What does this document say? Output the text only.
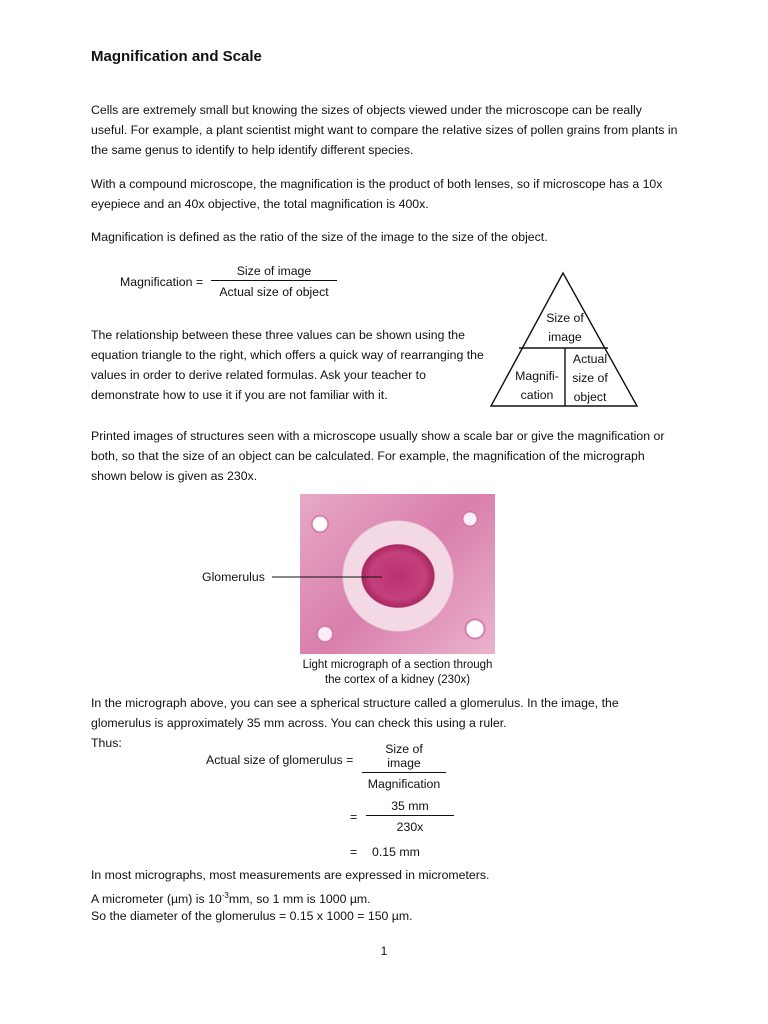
Magnification and Scale
Cells are extremely small but knowing the sizes of objects viewed under the microscope can be really useful. For example, a plant scientist might want to compare the relative sizes of pollen grains from plants in the same genus to identify to help identify different species.
With a compound microscope, the magnification is the product of both lenses, so if microscope has a 10x eyepiece and an 40x objective, the total magnification is 400x.
Magnification is defined as the ratio of the size of the image to the size of the object.
Magnification =
Size of image
Actual size of object
The relationship between these three values can be shown using the equation triangle to the right, which offers a quick way of rearranging the values in order to derive related formulas. Ask your teacher to demonstrate how to use it if you are not familiar with it.
Size of
image
Magnifi-
cation
Actual
size of
object
Printed images of structures seen with a microscope usually show a scale bar or give the magnification or both, so that the size of an object can be calculated. For example, the magnification of the micrograph shown below is given as 230x.
Glomerulus
Light micrograph of a section through
the cortex of a kidney (230x)
In the micrograph above, you can see a spherical structure called a glomerulus. In the image, the glomerulus is approximately 35 mm across. You can check this using a ruler.
Thus:
Actual size of glomerulus =
Size of image
Magnification
=
35 mm
230x
= 0.15 mm
In most micrographs, most measurements are expressed in micrometers.
A micrometer (µm) is $10^{-3}mm$, so 1 mm is 1000 µm.
So the diameter of the glomerulus = 0.15 x 1000 = 150 µm.
1
